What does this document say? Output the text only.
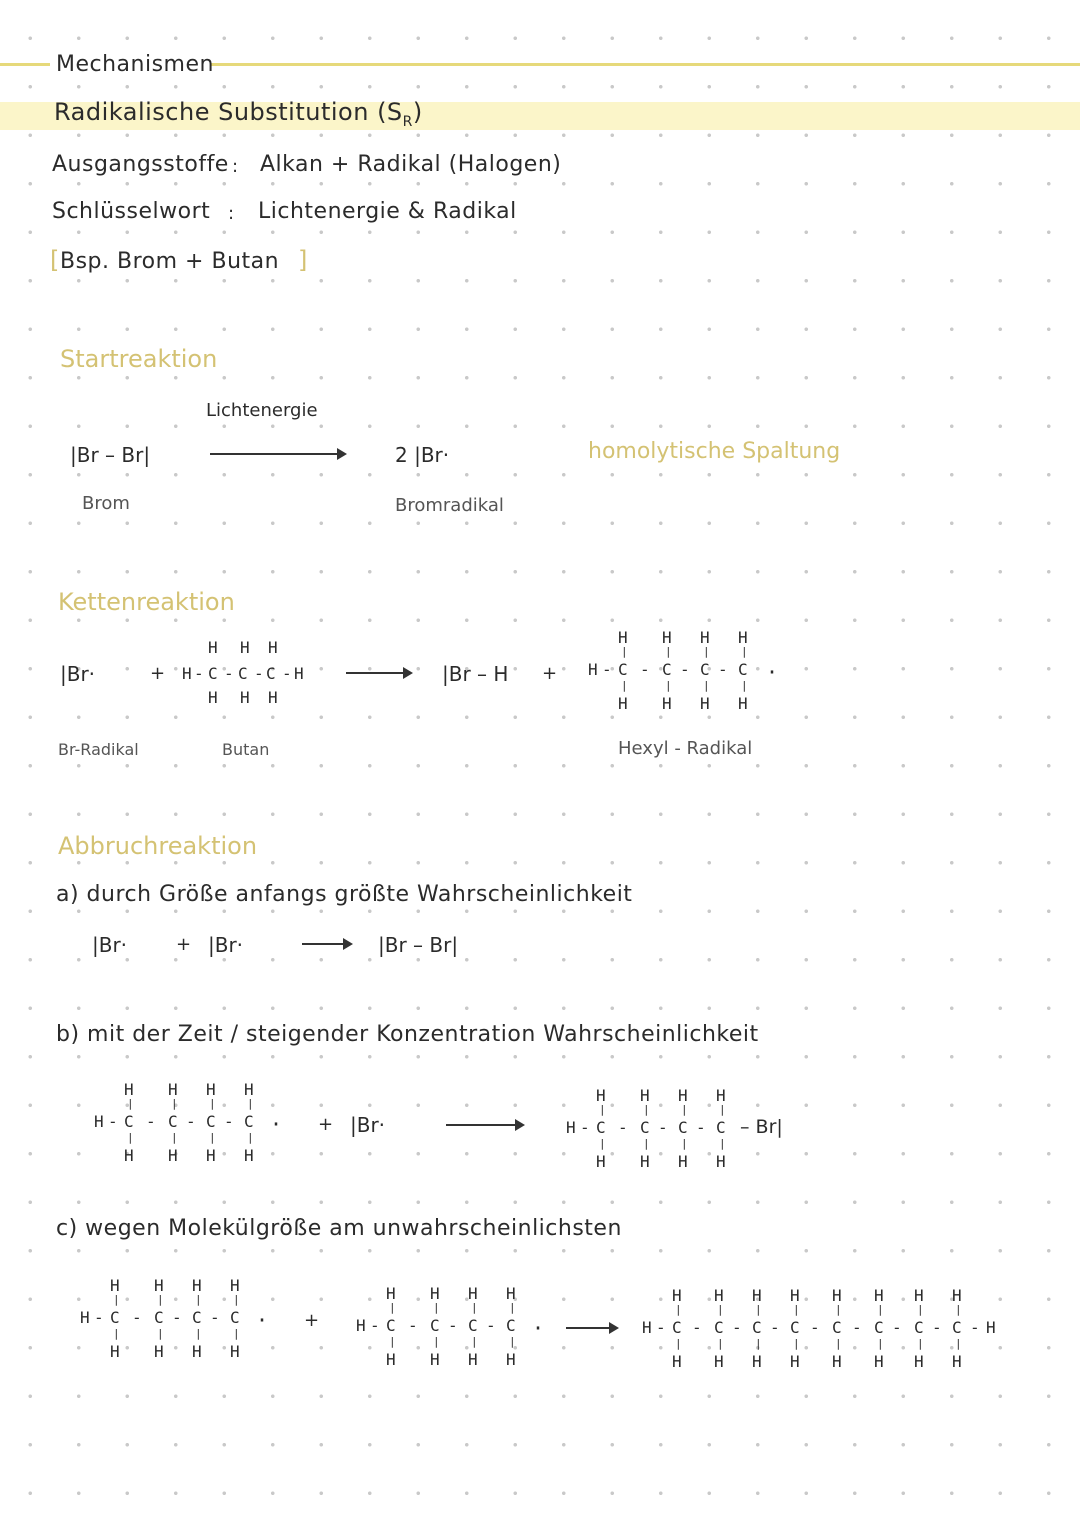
Mechanismen
Radikalische Substitution $(S_R)$
Ausgangsstoffe : Alkan + Radikal (Halogen)
Schlüsselwort : Lichtenergie & Radikal
[ Bsp. Brom + Butan ]
Startreaktion
|Br – Br|
Brom
Lichtenergie
2 |Br·
Bromradikal
homolytische Spaltung
Kettenreaktion
|Br·	+
Br-Radikal
H H H
H - C - C - C - H
H H H
Butan
|Br – H +
H H H H
|	|	|	|
H - C - C - C - C ·
|	|	|	|
H H H H
Hexyl - Radikal
Abbruchreaktion
a) durch Größe anfangs größte Wahrscheinlichkeit
|Br·	+ |Br·	|Br – Br|
b) mit der Zeit / steigender Konzentration Wahrscheinlichkeit
H H H H
|	|	|	|
H - C - C - C - C ·
|	|	|	|
H H H H
+ |Br·
H H H H
|	|	|	|
H - C - C - C - C – Br|
|	|	|	|
H H H H
c) wegen Molekülgröße am unwahrscheinlichsten
H H H H
|	|	|	|
H - C - C - C - C ·
|	|	|	|
H H H H
+
H H H H
|	|	|	|
H - C - C - C - C ·
|	|	|	|
H H H H
H H H H H H H H
|	|	|	|	|	|	|	|
H - C - C - C - C - C - C - C - C - H
|	|	|	|	|	|	|	|
H H H H H H H H
